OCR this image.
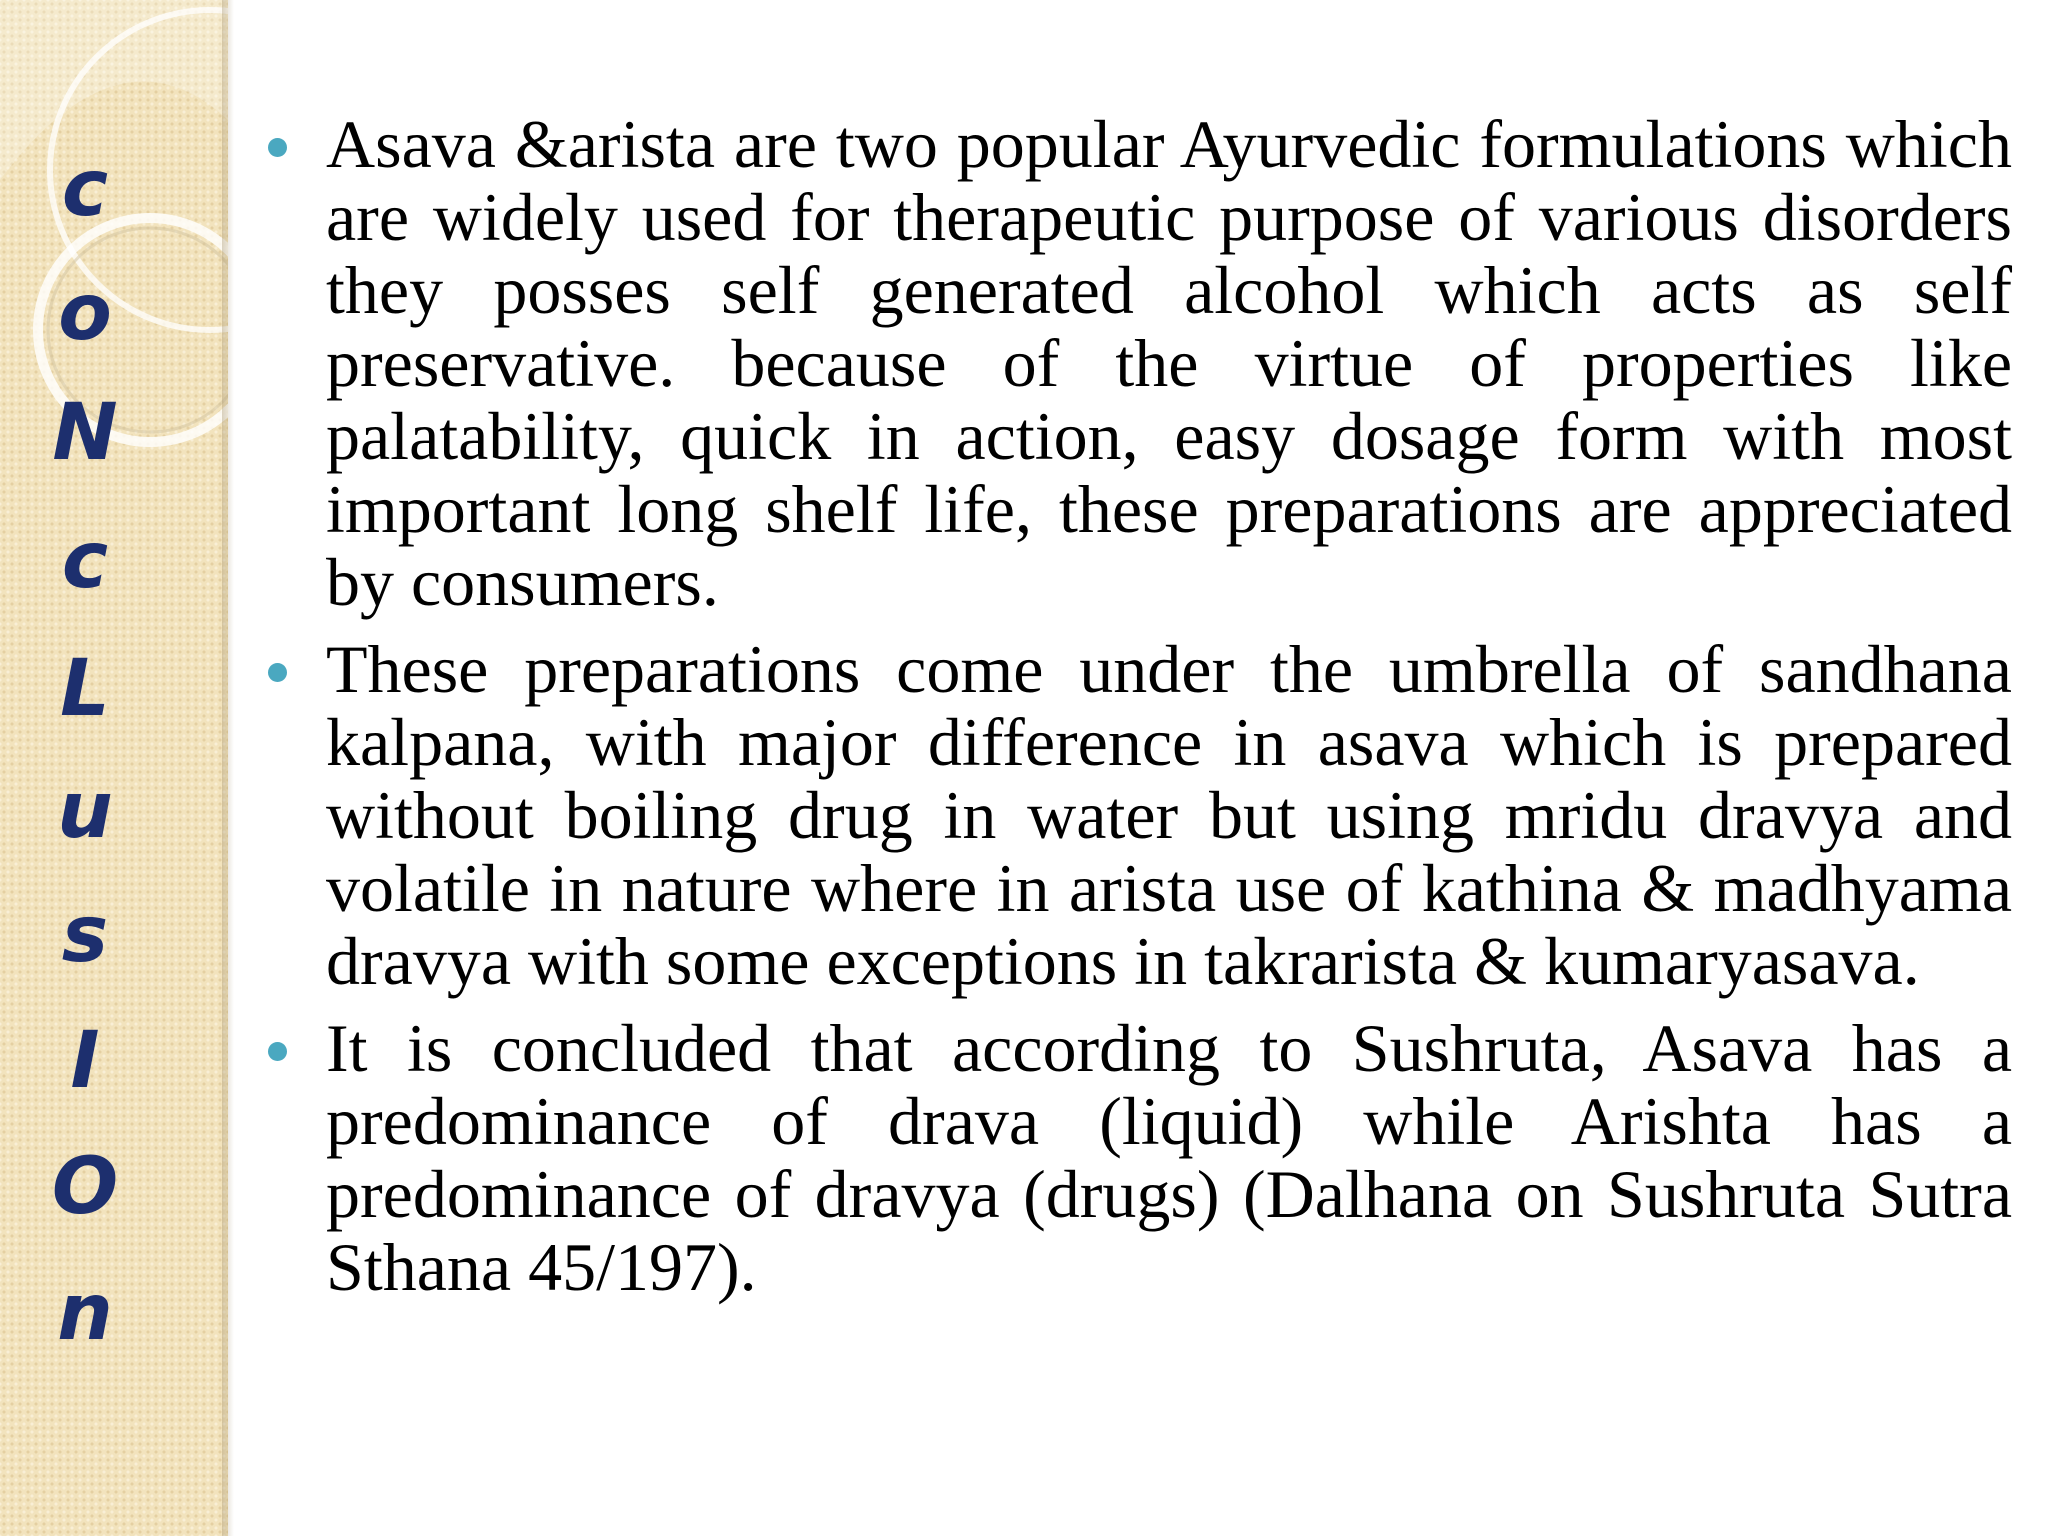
c
o
N
c
L
u
s
I
O
n
Asava &arista are two popular Ayurvedic formulations which are widely used for therapeutic purpose of various disorders they posses self generated alcohol which acts as self preservative. because of the virtue of properties like palatability, quick in action, easy dosage form with most important long shelf life, these preparations are appreciated by consumers.
These preparations come under the umbrella of sandhana kalpana, with major difference in asava which is prepared without boiling drug in water but using mridu dravya and volatile in nature where in arista use of kathina & madhyama dravya with some exceptions in takrarista & kumaryasava.
It is concluded that according to Sushruta, Asava has a predominance of drava (liquid) while Arishta has a predominance of dravya (drugs) (Dalhana on Sushruta Sutra Sthana 45/197).
